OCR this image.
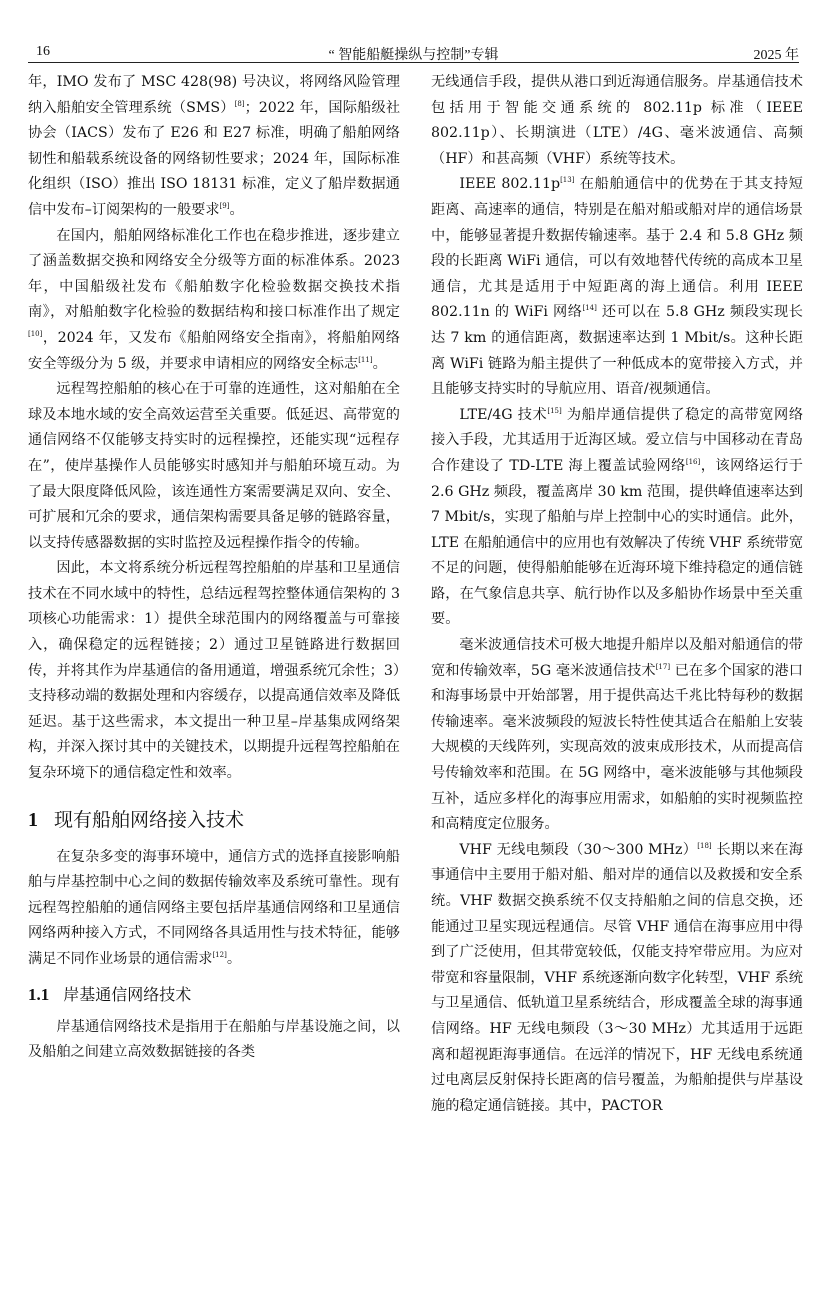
16	“ 智能船艇操纵与控制”专辑	2025 年

年，IMO 发布了 MSC 428(98) 号决议，将网络风险管理纳入船舶安全管理系统（SMS）[8]；2022 年，国际船级社协会（IACS）发布了 E26 和 E27 标准，明确了船舶网络韧性和船载系统设备的网络韧性要求；2024 年，国际标准化组织（ISO）推出 ISO 18131 标准，定义了船岸数据通信中发布–订阅架构的一般要求[9]。

在国内，船舶网络标准化工作也在稳步推进，逐步建立了涵盖数据交换和网络安全分级等方面的标准体系。2023 年，中国船级社发布《船舶数字化检验数据交换技术指南》，对船舶数字化检验的数据结构和接口标准作出了规定[10]，2024 年，又发布《船舶网络安全指南》，将船舶网络安全等级分为 5 级，并要求申请相应的网络安全标志[11]。

远程驾控船舶的核心在于可靠的连通性，这对船舶在全球及本地水域的安全高效运营至关重要。低延迟、高带宽的通信网络不仅能够支持实时的远程操控，还能实现“远程存在”，使岸基操作人员能够实时感知并与船舶环境互动。为了最大限度降低风险，该连通性方案需要满足双向、安全、可扩展和冗余的要求，通信架构需要具备足够的链路容量，以支持传感器数据的实时监控及远程操作指令的传输。

因此，本文将系统分析远程驾控船舶的岸基和卫星通信技术在不同水域中的特性，总结远程驾控整体通信架构的 3 项核心功能需求：1）提供全球范围内的网络覆盖与可靠接入，确保稳定的远程链接；2）通过卫星链路进行数据回传，并将其作为岸基通信的备用通道，增强系统冗余性；3）支持移动端的数据处理和内容缓存，以提高通信效率及降低延迟。基于这些需求，本文提出一种卫星–岸基集成网络架构，并深入探讨其中的关键技术，以期提升远程驾控船舶在复杂环境下的通信稳定性和效率。

1 现有船舶网络接入技术

在复杂多变的海事环境中，通信方式的选择直接影响船舶与岸基控制中心之间的数据传输效率及系统可靠性。现有远程驾控船舶的通信网络主要包括岸基通信网络和卫星通信网络两种接入方式，不同网络各具适用性与技术特征，能够满足不同作业场景的通信需求[12]。

1.1 岸基通信网络技术

岸基通信网络技术是指用于在船舶与岸基设施之间，以及船舶之间建立高效数据链接的各类

无线通信手段，提供从港口到近海通信服务。岸基通信技术包括用于智能交通系统的 802.11p 标准（IEEE 802.11p）、长期演进（LTE）/4G、毫米波通信、高频（HF）和甚高频（VHF）系统等技术。

IEEE 802.11p[13] 在船舶通信中的优势在于其支持短距离、高速率的通信，特别是在船对船或船对岸的通信场景中，能够显著提升数据传输速率。基于 2.4 和 5.8 GHz 频段的长距离 WiFi 通信，可以有效地替代传统的高成本卫星通信，尤其是适用于中短距离的海上通信。利用 IEEE 802.11n 的 WiFi 网络[14] 还可以在 5.8 GHz 频段实现长达 7 km 的通信距离，数据速率达到 1 Mbit/s。这种长距离 WiFi 链路为船主提供了一种低成本的宽带接入方式，并且能够支持实时的导航应用、语音/视频通信。

LTE/4G 技术[15] 为船岸通信提供了稳定的高带宽网络接入手段，尤其适用于近海区域。爱立信与中国移动在青岛合作建设了 TD-LTE 海上覆盖试验网络[16]，该网络运行于 2.6 GHz 频段，覆盖离岸 30 km 范围，提供峰值速率达到 7 Mbit/s，实现了船舶与岸上控制中心的实时通信。此外，LTE 在船舶通信中的应用也有效解决了传统 VHF 系统带宽不足的问题，使得船舶能够在近海环境下维持稳定的通信链路，在气象信息共享、航行协作以及多船协作场景中至关重要。

毫米波通信技术可极大地提升船岸以及船对船通信的带宽和传输效率，5G 毫米波通信技术[17] 已在多个国家的港口和海事场景中开始部署，用于提供高达千兆比特每秒的数据传输速率。毫米波频段的短波长特性使其适合在船舶上安装大规模的天线阵列，实现高效的波束成形技术，从而提高信号传输效率和范围。在 5G 网络中，毫米波能够与其他频段互补，适应多样化的海事应用需求，如船舶的实时视频监控和高精度定位服务。

VHF 无线电频段（30～300 MHz）[18] 长期以来在海事通信中主要用于船对船、船对岸的通信以及救援和安全系统。VHF 数据交换系统不仅支持船舶之间的信息交换，还能通过卫星实现远程通信。尽管 VHF 通信在海事应用中得到了广泛使用，但其带宽较低，仅能支持窄带应用。为应对带宽和容量限制，VHF 系统逐渐向数字化转型，VHF 系统与卫星通信、低轨道卫星系统结合，形成覆盖全球的海事通信网络。HF 无线电频段（3～30 MHz）尤其适用于远距离和超视距海事通信。在远洋的情况下，HF 无线电系统通过电离层反射保持长距离的信号覆盖，为船舶提供与岸基设施的稳定通信链接。其中，PACTOR
